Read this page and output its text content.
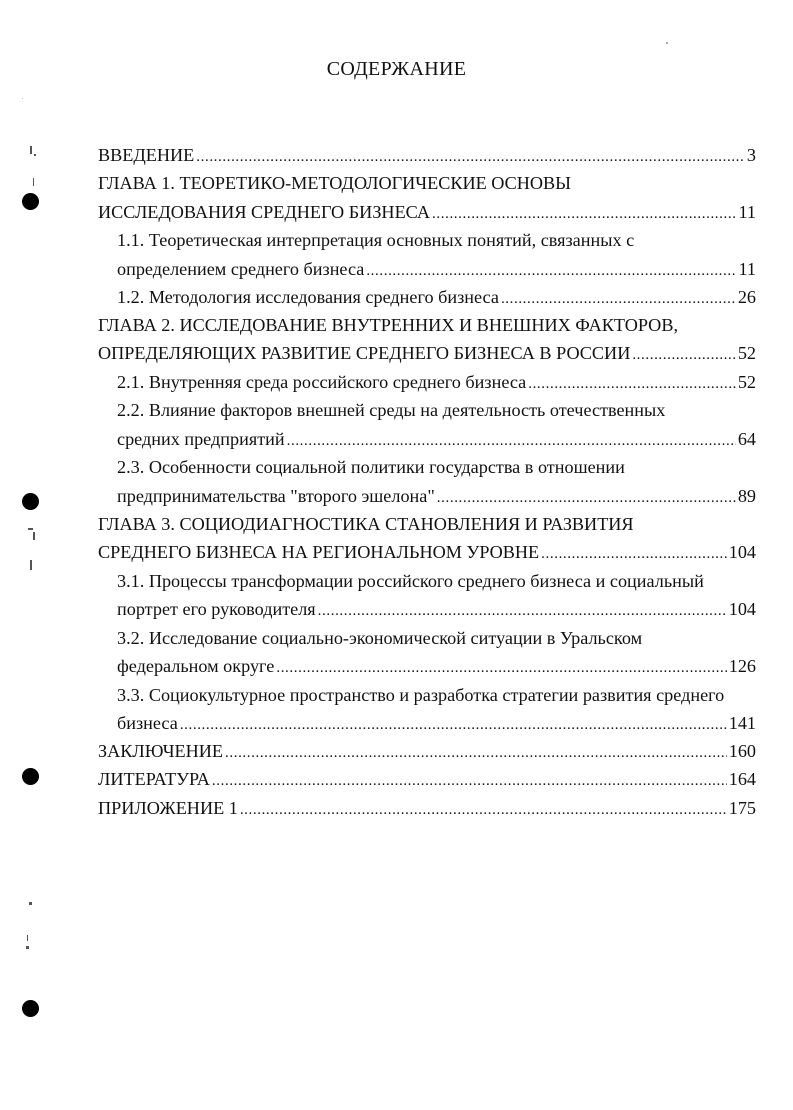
СОДЕРЖАНИЕ
ВВЕДЕНИЕ .....	3
ГЛАВА 1. ТЕОРЕТИКО-МЕТОДОЛОГИЧЕСКИЕ ОСНОВЫ
ИССЛЕДОВАНИЯ СРЕДНЕГО БИЗНЕСА .....	11
1.1. Теоретическая интерпретация основных понятий, связанных с
определением среднего бизнеса .....	11
1.2. Методология исследования среднего бизнеса .....	26
ГЛАВА 2. ИССЛЕДОВАНИЕ ВНУТРЕННИХ И ВНЕШНИХ ФАКТОРОВ,
ОПРЕДЕЛЯЮЩИХ РАЗВИТИЕ СРЕДНЕГО БИЗНЕСА В РОССИИ .....	52
2.1. Внутренняя среда российского среднего бизнеса .....	52
2.2. Влияние факторов внешней среды на деятельность отечественных
средних предприятий .....	64
2.3. Особенности социальной политики государства в отношении
предпринимательства "второго эшелона" .....	89
ГЛАВА 3. СОЦИОДИАГНОСТИКА СТАНОВЛЕНИЯ И РАЗВИТИЯ
СРЕДНЕГО БИЗНЕСА НА РЕГИОНАЛЬНОМ УРОВНЕ .....	104
3.1. Процессы трансформации российского среднего бизнеса и социальный
портрет его руководителя .....	104
3.2. Исследование социально-экономической ситуации в Уральском
федеральном округе .....	126
3.3. Социокультурное пространство и разработка стратегии развития среднего
бизнеса .....	141
ЗАКЛЮЧЕНИЕ .....	160
ЛИТЕРАТУРА .....	164
ПРИЛОЖЕНИЕ 1 .....	175
